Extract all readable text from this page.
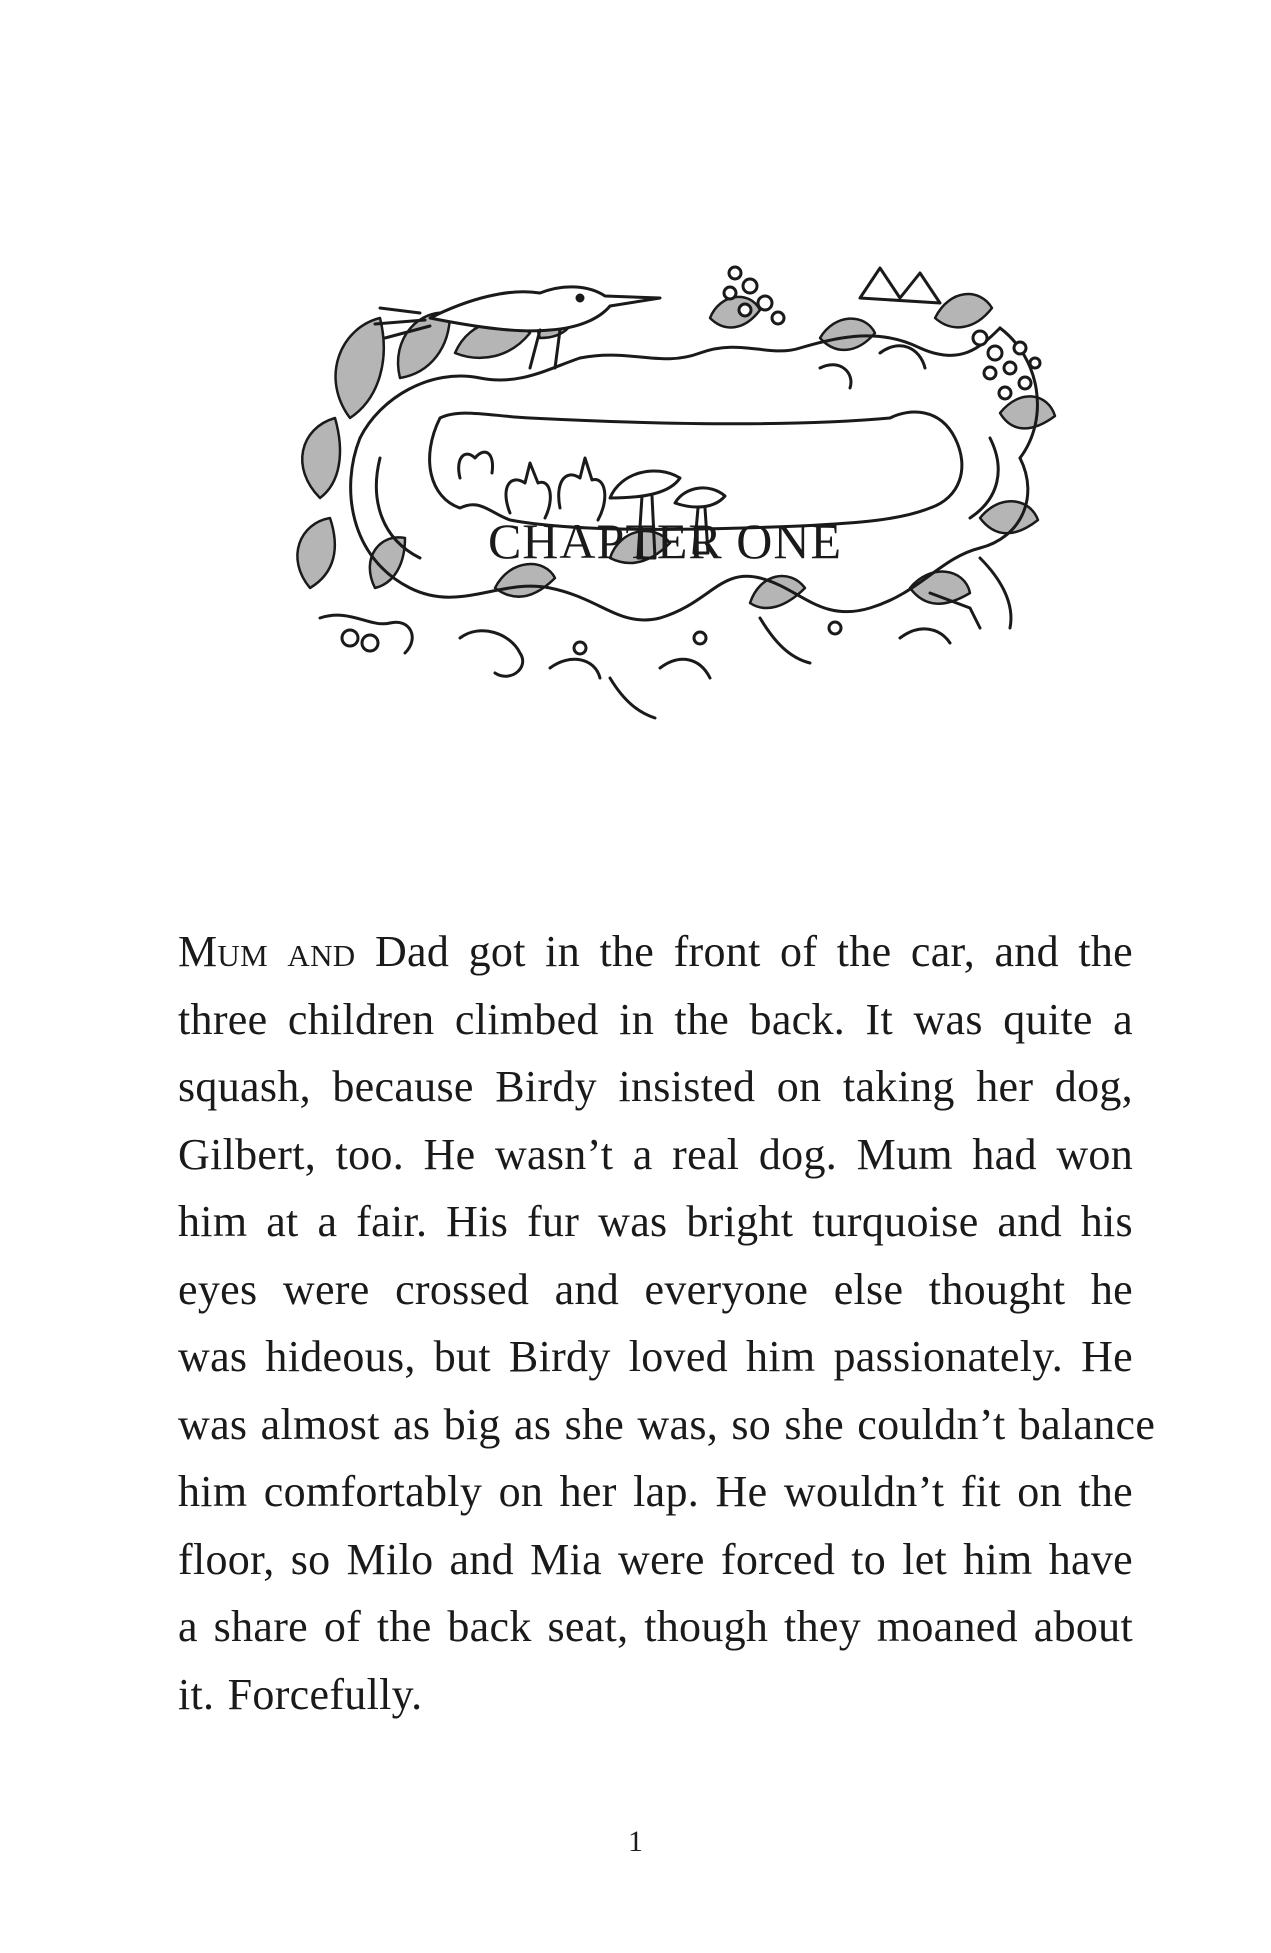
CHAPTER ONE
Mum and Dad got in the front of the car, and the
three children climbed in the back. It was quite a
squash, because Birdy insisted on taking her dog,
Gilbert, too. He wasn’t a real dog. Mum had won
him at a fair. His fur was bright turquoise and his
eyes were crossed and everyone else thought he
was hideous, but Birdy loved him passionately. He
was almost as big as she was, so she couldn’t balance
him comfortably on her lap. He wouldn’t fit on the
floor, so Milo and Mia were forced to let him have
a share of the back seat, though they moaned about
it. Forcefully.
1
